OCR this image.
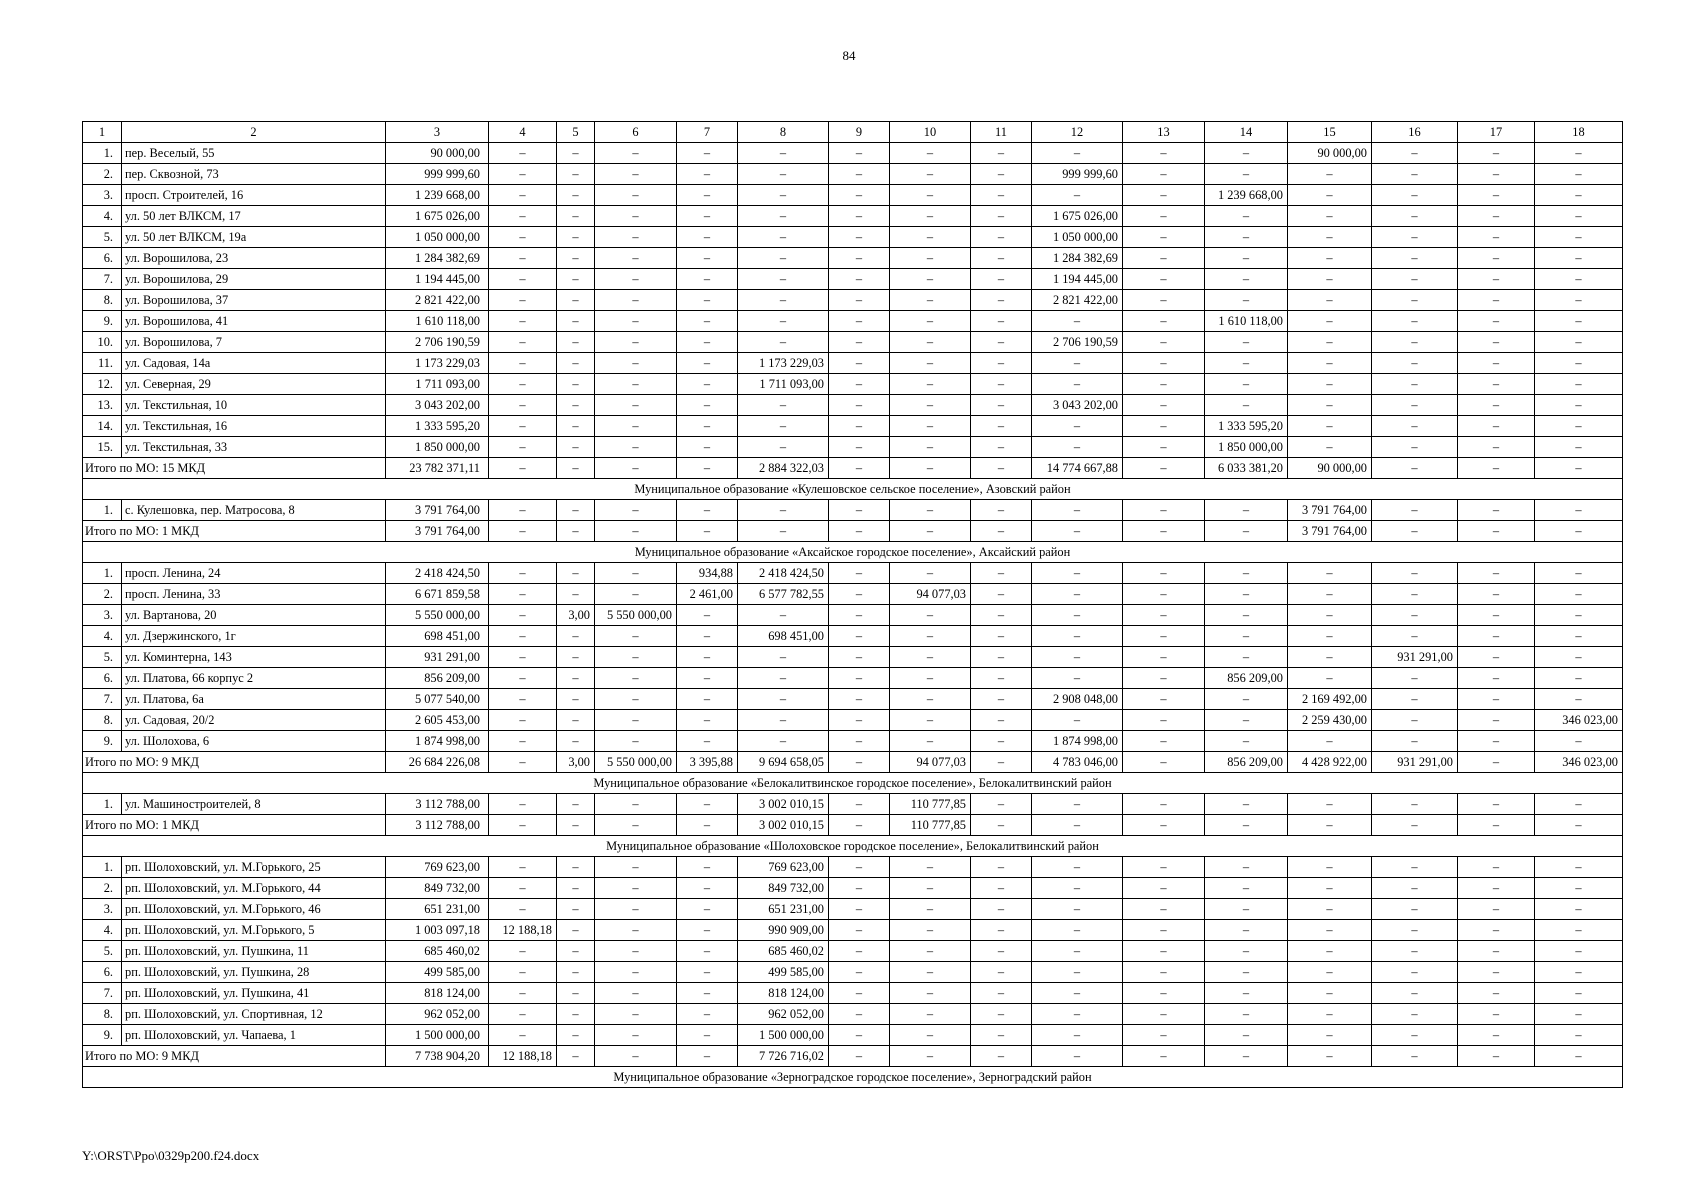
84
1	2	3	4	5	6	7	8	9	10	11	12	13	14	15	16	17	18
1.	пер. Веселый, 55	90 000,00	–	–	–	–	–	–	–	–	–	–	–	90 000,00	–	–	–
2.	пер. Сквозной, 73	999 999,60	–	–	–	–	–	–	–	–	999 999,60	–	–	–	–	–	–
3.	просп. Строителей, 16	1 239 668,00	–	–	–	–	–	–	–	–	–	–	1 239 668,00	–	–	–	–
4.	ул. 50 лет ВЛКСМ, 17	1 675 026,00	–	–	–	–	–	–	–	–	1 675 026,00	–	–	–	–	–	–
5.	ул. 50 лет ВЛКСМ, 19а	1 050 000,00	–	–	–	–	–	–	–	–	1 050 000,00	–	–	–	–	–	–
6.	ул. Ворошилова, 23	1 284 382,69	–	–	–	–	–	–	–	–	1 284 382,69	–	–	–	–	–	–
7.	ул. Ворошилова, 29	1 194 445,00	–	–	–	–	–	–	–	–	1 194 445,00	–	–	–	–	–	–
8.	ул. Ворошилова, 37	2 821 422,00	–	–	–	–	–	–	–	–	2 821 422,00	–	–	–	–	–	–
9.	ул. Ворошилова, 41	1 610 118,00	–	–	–	–	–	–	–	–	–	–	1 610 118,00	–	–	–	–
10.	ул. Ворошилова, 7	2 706 190,59	–	–	–	–	–	–	–	–	2 706 190,59	–	–	–	–	–	–
11.	ул. Садовая, 14а	1 173 229,03	–	–	–	–	1 173 229,03	–	–	–	–	–	–	–	–	–	–
12.	ул. Северная, 29	1 711 093,00	–	–	–	–	1 711 093,00	–	–	–	–	–	–	–	–	–	–
13.	ул. Текстильная, 10	3 043 202,00	–	–	–	–	–	–	–	–	3 043 202,00	–	–	–	–	–	–
14.	ул. Текстильная, 16	1 333 595,20	–	–	–	–	–	–	–	–	–	–	1 333 595,20	–	–	–	–
15.	ул. Текстильная, 33	1 850 000,00	–	–	–	–	–	–	–	–	–	–	1 850 000,00	–	–	–	–
Итого по МО: 15 МКД		23 782 371,11	–	–	–	–	2 884 322,03	–	–	–	14 774 667,88	–	6 033 381,20	90 000,00	–	–	–
Муниципальное образование «Кулешовское сельское поселение», Азовский район																	
1.	с. Кулешовка, пер. Матросова, 8	3 791 764,00	–	–	–	–	–	–	–	–	–	–	–	3 791 764,00	–	–	–
Итого по МО: 1 МКД		3 791 764,00	–	–	–	–	–	–	–	–	–	–	–	3 791 764,00	–	–	–
Муниципальное образование «Аксайское городское поселение», Аксайский район																	
1.	просп. Ленина, 24	2 418 424,50	–	–	–	934,88	2 418 424,50	–	–	–	–	–	–	–	–	–	–
2.	просп. Ленина, 33	6 671 859,58	–	–	–	2 461,00	6 577 782,55	–	94 077,03	–	–	–	–	–	–	–	–
3.	ул. Вартанова, 20	5 550 000,00	–	3,00	5 550 000,00	–	–	–	–	–	–	–	–	–	–	–	–
4.	ул. Дзержинского, 1г	698 451,00	–	–	–	–	698 451,00	–	–	–	–	–	–	–	–	–	–
5.	ул. Коминтерна, 143	931 291,00	–	–	–	–	–	–	–	–	–	–	–	–	931 291,00	–	–
6.	ул. Платова, 66 корпус 2	856 209,00	–	–	–	–	–	–	–	–	–	–	856 209,00	–	–	–	–
7.	ул. Платова, 6а	5 077 540,00	–	–	–	–	–	–	–	–	2 908 048,00	–	–	2 169 492,00	–	–	–
8.	ул. Садовая, 20/2	2 605 453,00	–	–	–	–	–	–	–	–	–	–	–	2 259 430,00	–	–	346 023,00
9.	ул. Шолохова, 6	1 874 998,00	–	–	–	–	–	–	–	–	1 874 998,00	–	–	–	–	–	–
Итого по МО: 9 МКД		26 684 226,08	–	3,00	5 550 000,00	3 395,88	9 694 658,05	–	94 077,03	–	4 783 046,00	–	856 209,00	4 428 922,00	931 291,00	–	346 023,00
Муниципальное образование «Белокалитвинское городское поселение», Белокалитвинский район																	
1.	ул. Машиностроителей, 8	3 112 788,00	–	–	–	–	3 002 010,15	–	110 777,85	–	–	–	–	–	–	–	–
Итого по МО: 1 МКД		3 112 788,00	–	–	–	–	3 002 010,15	–	110 777,85	–	–	–	–	–	–	–	–
Муниципальное образование «Шолоховское городское поселение», Белокалитвинский район																	
1.	рп. Шолоховский, ул. М.Горького, 25	769 623,00	–	–	–	–	769 623,00	–	–	–	–	–	–	–	–	–	–
2.	рп. Шолоховский, ул. М.Горького, 44	849 732,00	–	–	–	–	849 732,00	–	–	–	–	–	–	–	–	–	–
3.	рп. Шолоховский, ул. М.Горького, 46	651 231,00	–	–	–	–	651 231,00	–	–	–	–	–	–	–	–	–	–
4.	рп. Шолоховский, ул. М.Горького, 5	1 003 097,18	12 188,18	–	–	–	990 909,00	–	–	–	–	–	–	–	–	–	–
5.	рп. Шолоховский, ул. Пушкина, 11	685 460,02	–	–	–	–	685 460,02	–	–	–	–	–	–	–	–	–	–
6.	рп. Шолоховский, ул. Пушкина, 28	499 585,00	–	–	–	–	499 585,00	–	–	–	–	–	–	–	–	–	–
7.	рп. Шолоховский, ул. Пушкина, 41	818 124,00	–	–	–	–	818 124,00	–	–	–	–	–	–	–	–	–	–
8.	рп. Шолоховский, ул. Спортивная, 12	962 052,00	–	–	–	–	962 052,00	–	–	–	–	–	–	–	–	–	–
9.	рп. Шолоховский, ул. Чапаева, 1	1 500 000,00	–	–	–	–	1 500 000,00	–	–	–	–	–	–	–	–	–	–
Итого по МО: 9 МКД		7 738 904,20	12 188,18	–	–	–	7 726 716,02	–	–	–	–	–	–	–	–	–	–
Муниципальное образование «Зерноградское городское поселение», Зерноградский район																	
Y:\ORST\Ppo\0329p200.f24.docx
